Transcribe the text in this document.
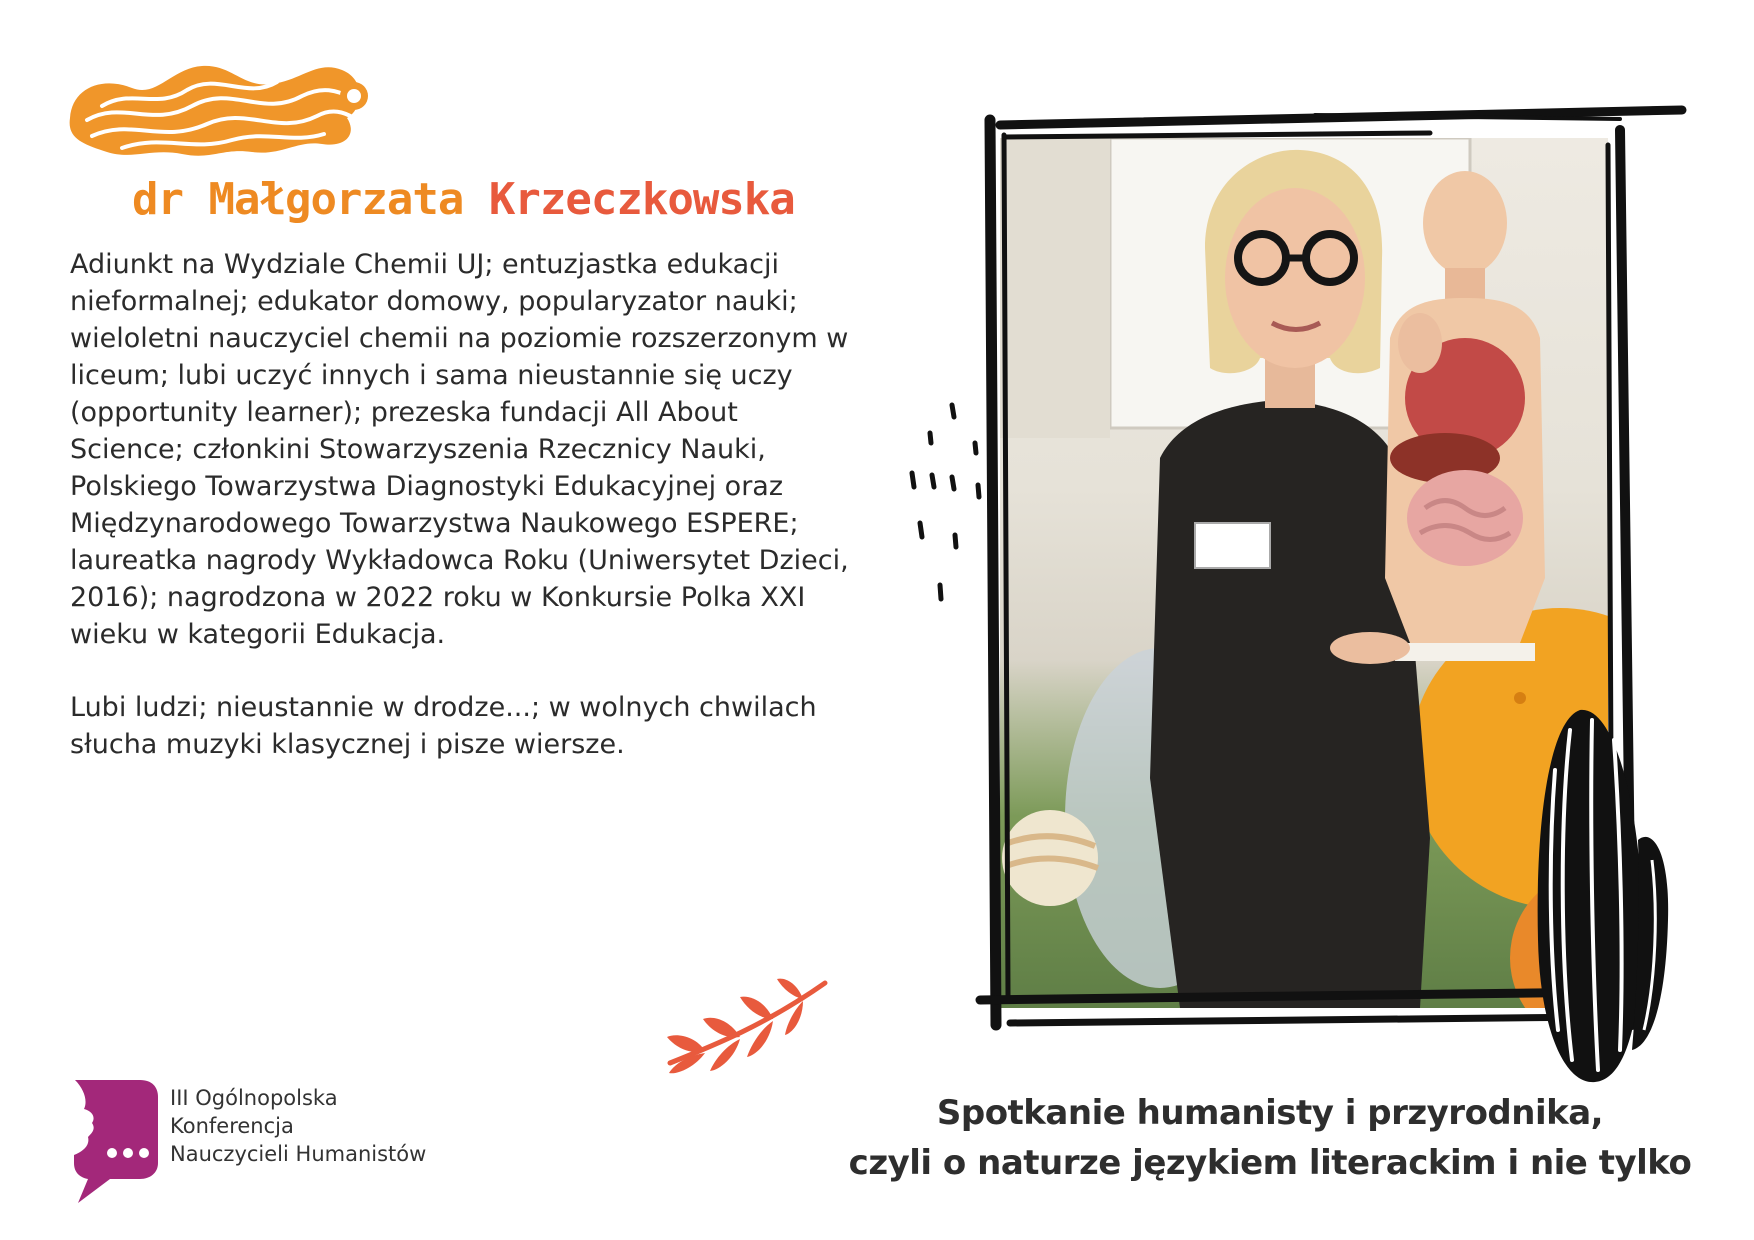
dr Małgorzata Krzeczkowska

Adiunkt na Wydziale Chemii UJ; entuzjastka edukacji nieformalnej; edukator domowy, popularyzator nauki; wieloletni nauczyciel chemii na poziomie rozszerzonym w liceum; lubi uczyć innych i sama nieustannie się uczy (opportunity learner); prezeska fundacji All About Science; członkini Stowarzyszenia Rzecznicy Nauki, Polskiego Towarzystwa Diagnostyki Edukacyjnej oraz Międzynarodowego Towarzystwa Naukowego ESPERE; laureatka nagrody Wykładowca Roku (Uniwersytet Dzieci, 2016); nagrodzona w 2022 roku w Konkursie Polka XXI wieku w kategorii Edukacja.

Lubi ludzi; nieustannie w drodze...; w wolnych chwilach słucha muzyki klasycznej i pisze wiersze.

III Ogólnopolska
Konferencja
Nauczycieli Humanistów
Spotkanie humanisty i przyrodnika,
czyli o naturze językiem literackim i nie tylko
